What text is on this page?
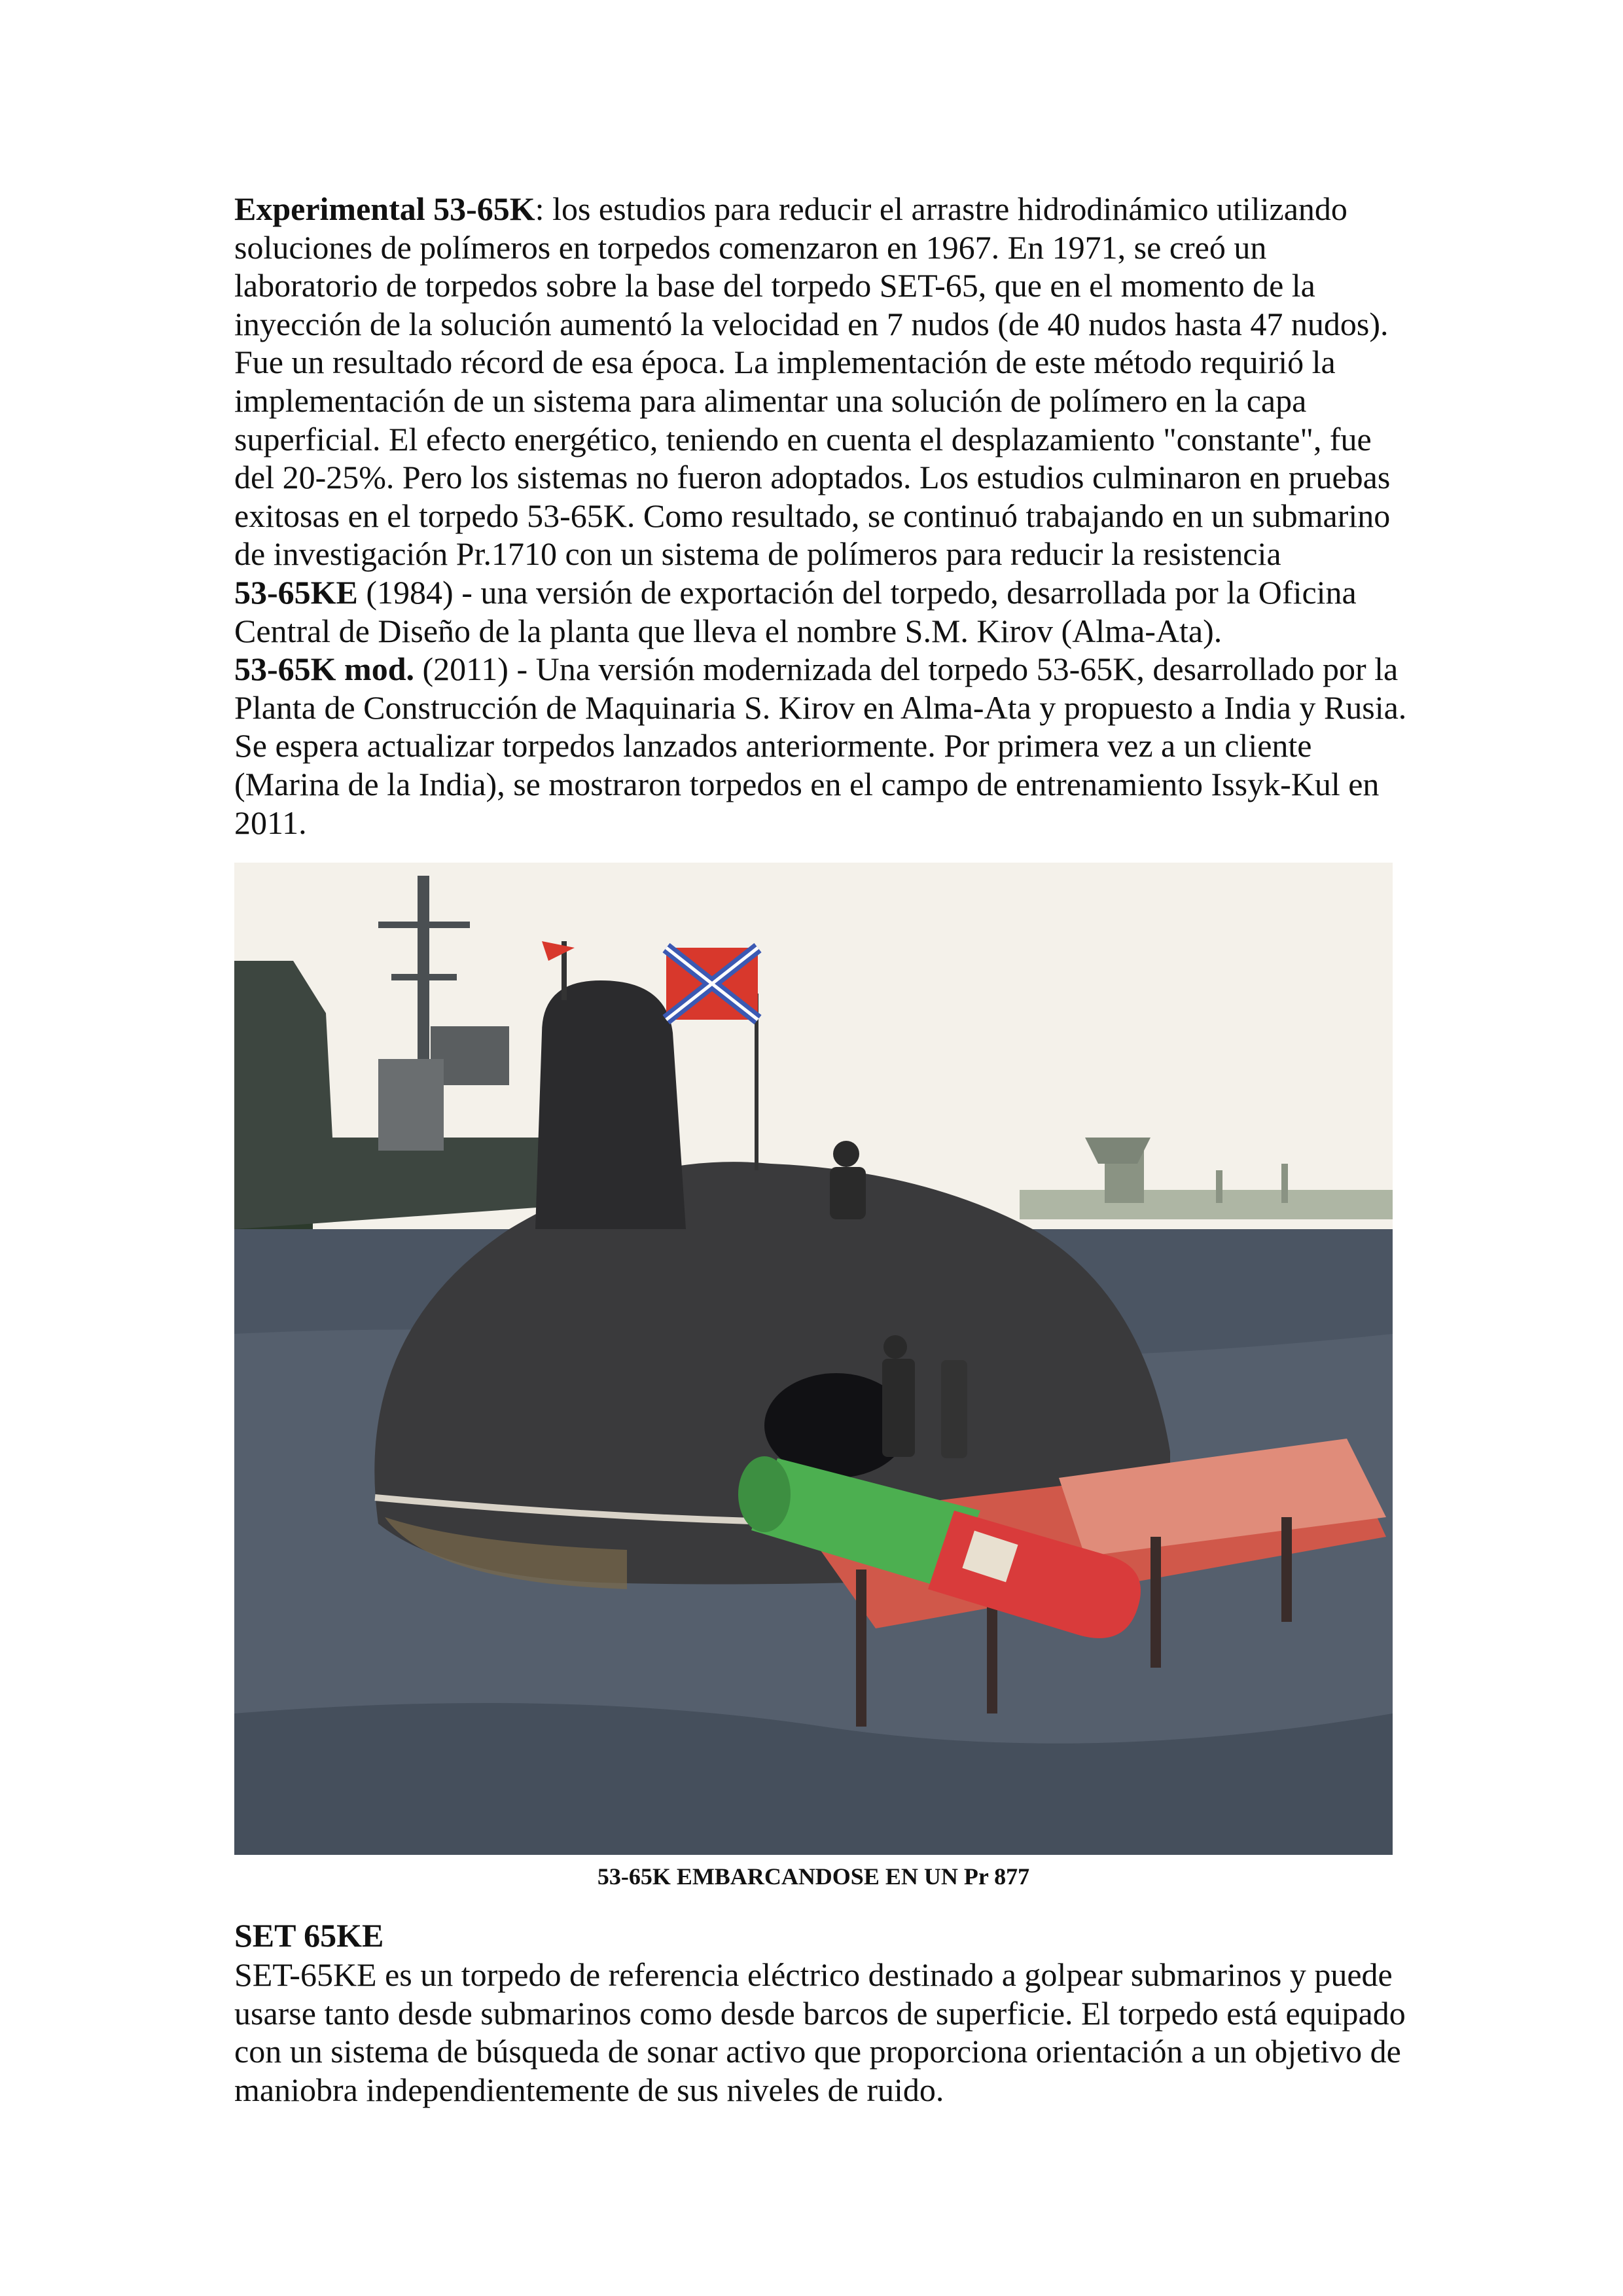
Experimental 53-65K: los estudios para reducir el arrastre hidrodinámico utilizando soluciones de polímeros en torpedos comenzaron en 1967. En 1971, se creó un laboratorio de torpedos sobre la base del torpedo SET-65, que en el momento de la inyección de la solución aumentó la velocidad en 7 nudos (de 40 nudos hasta 47 nudos). Fue un resultado récord de esa época. La implementación de este método requirió la implementación de un sistema para alimentar una solución de polímero en la capa superficial. El efecto energético, teniendo en cuenta el desplazamiento "constante", fue del 20-25%. Pero los sistemas no fueron adoptados. Los estudios culminaron en pruebas exitosas en el torpedo 53-65K. Como resultado, se continuó trabajando en un submarino de investigación Pr.1710 con un sistema de polímeros para reducir la resistencia

53-65KE (1984) - una versión de exportación del torpedo, desarrollada por la Oficina Central de Diseño de la planta que lleva el nombre S.M. Kirov (Alma-Ata).

53-65K mod. (2011) - Una versión modernizada del torpedo 53-65K, desarrollado por la Planta de Construcción de Maquinaria S. Kirov en Alma-Ata y propuesto a India y Rusia. Se espera actualizar torpedos lanzados anteriormente. Por primera vez a un cliente (Marina de la India), se mostraron torpedos en el campo de entrenamiento Issyk-Kul en 2011.

53-65K EMBARCANDOSE EN UN Pr 877

SET 65KE

SET-65KE es un torpedo de referencia eléctrico destinado a golpear submarinos y puede usarse tanto desde submarinos como desde barcos de superficie. El torpedo está equipado con un sistema de búsqueda de sonar activo que proporciona orientación a un objetivo de maniobra independientemente de sus niveles de ruido.
